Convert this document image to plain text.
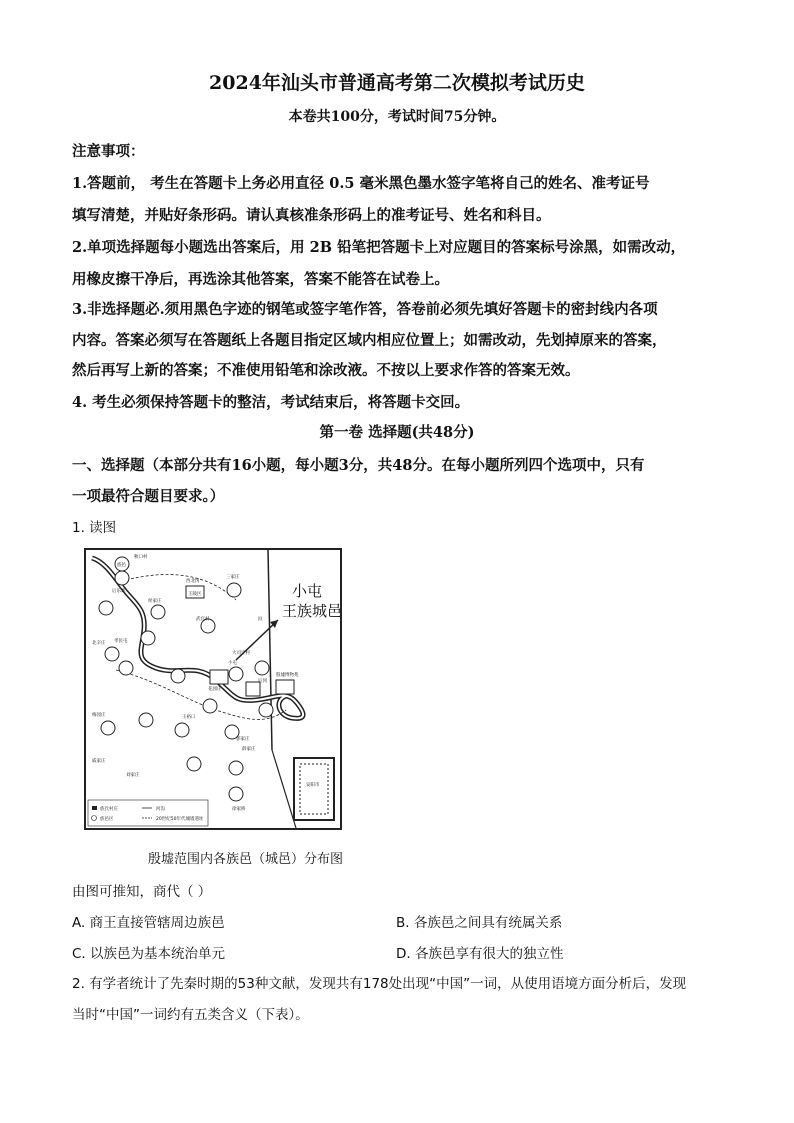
2024年汕头市普通高考第二次模拟考试历史
本卷共100分，考试时间75分钟。
注意事项：
1.答题前， 考生在答题卡上务必用直径 0.5 毫米黑色墨水签字笔将自己的姓名、准考证号
填写清楚，并贴好条形码。请认真核准条形码上的准考证号、姓名和科目。
2.单项选择题每小题选出答案后，用 2B 铅笔把答题卡上对应题目的答案标号涂黑，如需改动，
用橡皮擦干净后，再选涂其他答案，答案不能答在试卷上。
3.非选择题必.须用黑色字迹的钢笔或签字笔作答，答卷前必须先填好答题卡的密封线内各项
内容。答案必须写在答题纸上各题目指定区域内相应位置上；如需改动，先划掉原来的答案，
然后再写上新的答案；不准使用铅笔和涂改液。不按以上要求作答的答案无效。
4. 考生必须保持答题卡的整洁，考试结束后，将答题卡交回。
第一卷 选择题(共48分)
一、选择题（本部分共有16小题，每小题3分，共48分。在每小题所列四个选项中，只有
一项最符合题目要求。）
1. 读图
秋口村
族邑
后乐寨
西北冈
王陵区
三家庄
侯家庄
武官村
北辛庄 孝民屯
花园庄
大司空村
小屯
殷墟博物苑
后冈
薛家庄
王裕口
梅园庄
戚家庄
刘家庄
郭家庄
徐家桥
安阳市
洹
小屯
王族城邑
族氏村庄
族邑区
河沟
20世纪50年代城墙遗址
殷墟范围内各族邑（城邑）分布图
由图可推知，商代（ ）
A. 商王直接管辖周边族邑	B. 各族邑之间具有统属关系
C. 以族邑为基本统治单元	D. 各族邑享有很大的独立性
2. 有学者统计了先秦时期的53种文献，发现共有178处出现“中国”一词，从使用语境方面分析后，发现
当时“中国”一词约有五类含义（下表）。
